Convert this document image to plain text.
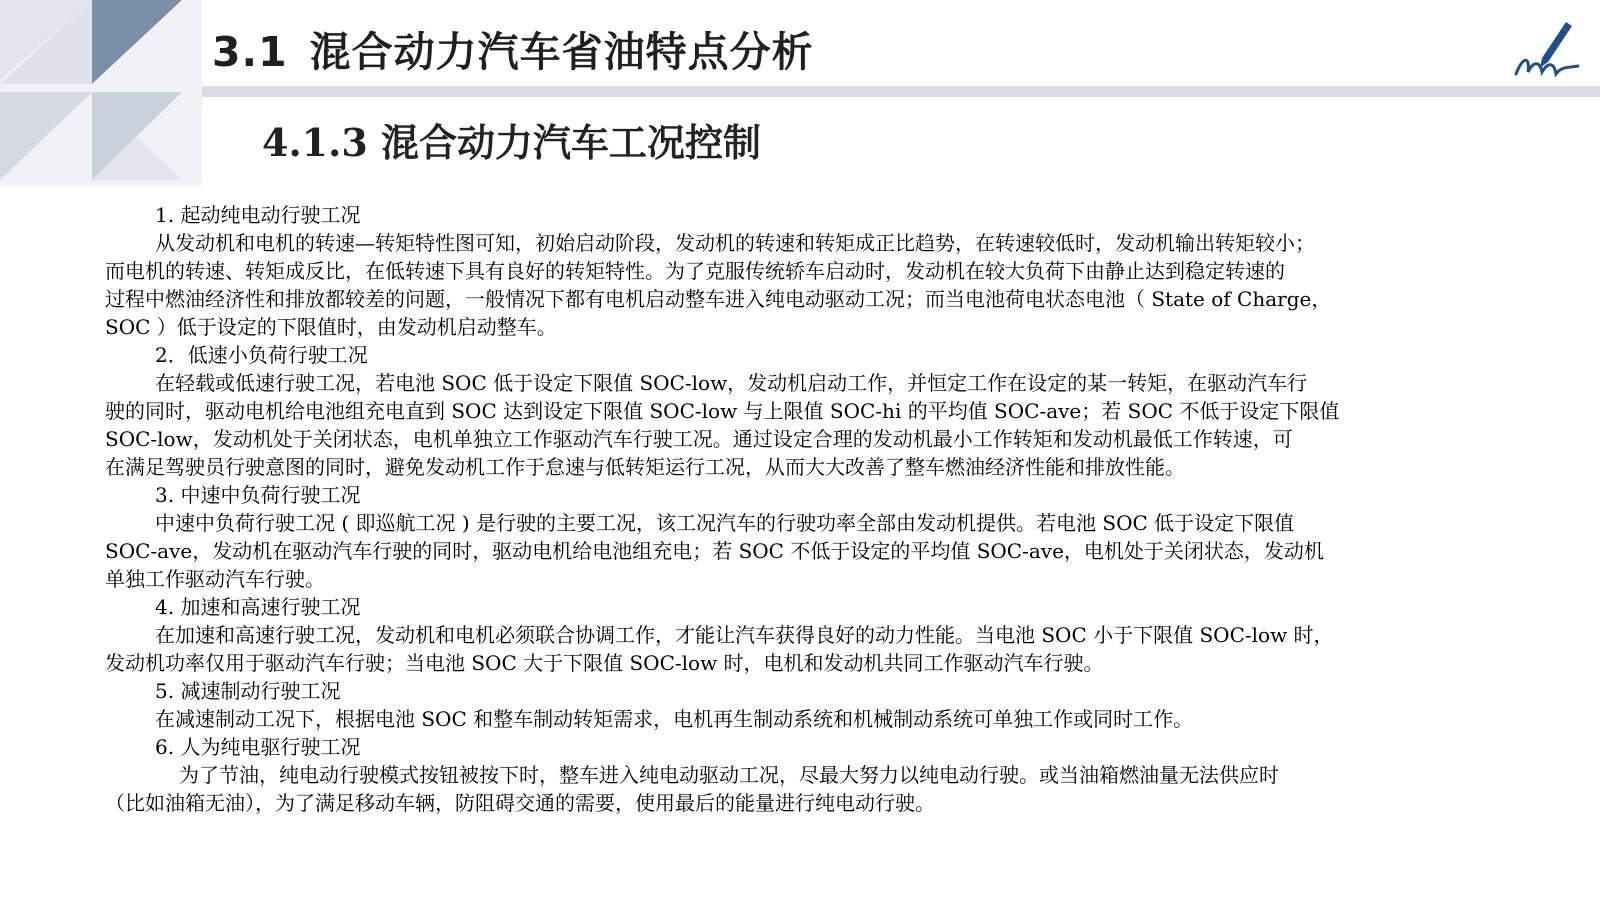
3.1 混合动力汽车省油特点分析
4.1.3 混合动力汽车工况控制

1. 起动纯电动行驶工况

从发动机和电机的转速—转矩特性图可知，初始启动阶段，发动机的转速和转矩成正比趋势，在转速较低时，发动机输出转矩较小；

而电机的转速、转矩成反比，在低转速下具有良好的转矩特性。为了克服传统轿车启动时，发动机在较大负荷下由静止达到稳定转速的

过程中燃油经济性和排放都较差的问题，一般情况下都有电机启动整车进入纯电动驱动工况；而当电池荷电状态电池（ State of Charge，

SOC ）低于设定的下限值时，由发动机启动整车。

2．低速小负荷行驶工况

在轻载或低速行驶工况，若电池 SOC 低于设定下限值 SOC-low，发动机启动工作，并恒定工作在设定的某一转矩，在驱动汽车行

驶的同时，驱动电机给电池组充电直到 SOC 达到设定下限值 SOC-low 与上限值 SOC-hi 的平均值 SOC-ave；若 SOC 不低于设定下限值

SOC-low，发动机处于关闭状态，电机单独立工作驱动汽车行驶工况。通过设定合理的发动机最小工作转矩和发动机最低工作转速，可

在满足驾驶员行驶意图的同时，避免发动机工作于怠速与低转矩运行工况，从而大大改善了整车燃油经济性能和排放性能。

3. 中速中负荷行驶工况

中速中负荷行驶工况 ( 即巡航工况 ) 是行驶的主要工况，该工况汽车的行驶功率全部由发动机提供。若电池 SOC 低于设定下限值

SOC-ave，发动机在驱动汽车行驶的同时，驱动电机给电池组充电；若 SOC 不低于设定的平均值 SOC-ave，电机处于关闭状态，发动机

单独工作驱动汽车行驶。

4. 加速和高速行驶工况

在加速和高速行驶工况，发动机和电机必须联合协调工作，才能让汽车获得良好的动力性能。当电池 SOC 小于下限值 SOC-low 时，

发动机功率仅用于驱动汽车行驶；当电池 SOC 大于下限值 SOC-low 时，电机和发动机共同工作驱动汽车行驶。

5. 减速制动行驶工况

在减速制动工况下，根据电池 SOC 和整车制动转矩需求，电机再生制动系统和机械制动系统可单独工作或同时工作。

6. 人为纯电驱行驶工况

为了节油，纯电动行驶模式按钮被按下时，整车进入纯电动驱动工况，尽最大努力以纯电动行驶。或当油箱燃油量无法供应时

（比如油箱无油），为了满足移动车辆，防阻碍交通的需要，使用最后的能量进行纯电动行驶。
